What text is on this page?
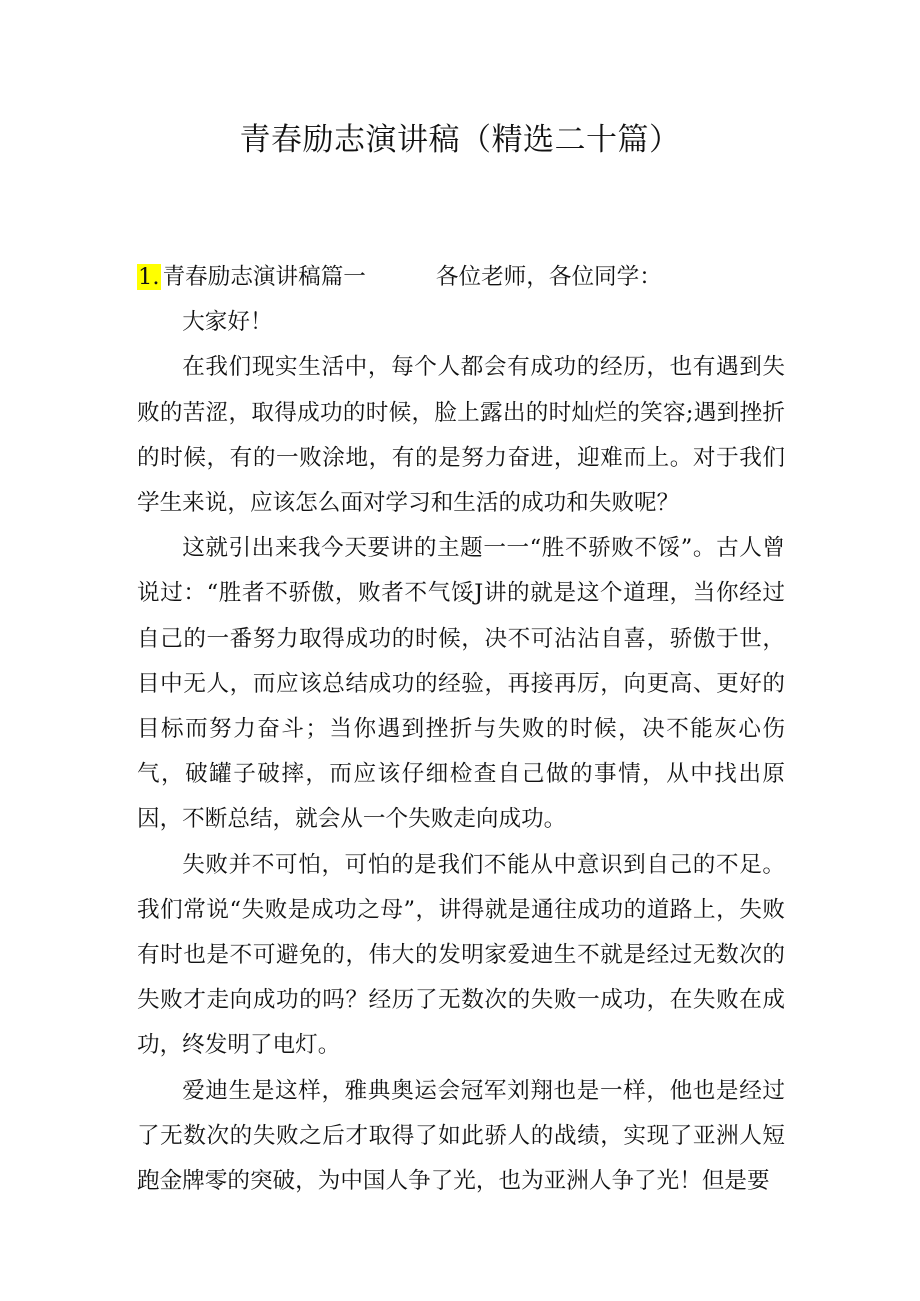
青春励志演讲稿（精选二十篇）
1. 青春励志演讲稿篇一	各位老师，各位同学：

大家好！

在我们现实生活中，每个人都会有成功的经历，也有遇到失败的苦涩，取得成功的时候，脸上露出的时灿烂的笑容;遇到挫折的时候，有的一败涂地，有的是努力奋进，迎难而上。对于我们学生来说，应该怎么面对学习和生活的成功和失败呢？

这就引出来我今天要讲的主题一一“胜不骄败不馁”。古人曾说过：“胜者不骄傲，败者不气馁J讲的就是这个道理，当你经过自己的一番努力取得成功的时候，决不可沾沾自喜，骄傲于世，目中无人，而应该总结成功的经验，再接再厉，向更高、更好的目标而努力奋斗；当你遇到挫折与失败的时候，决不能灰心伤气，破罐子破摔，而应该仔细检查自己做的事情，从中找出原因，不断总结，就会从一个失败走向成功。

失败并不可怕，可怕的是我们不能从中意识到自己的不足。我们常说“失败是成功之母”，讲得就是通往成功的道路上，失败有时也是不可避免的，伟大的发明家爱迪生不就是经过无数次的失败才走向成功的吗？经历了无数次的失败一成功，在失败在成功，终发明了电灯。

爱迪生是这样，雅典奥运会冠军刘翔也是一样，他也是经过了无数次的失败之后才取得了如此骄人的战绩，实现了亚洲人短跑金牌零的突破，为中国人争了光，也为亚洲人争了光！但是要
